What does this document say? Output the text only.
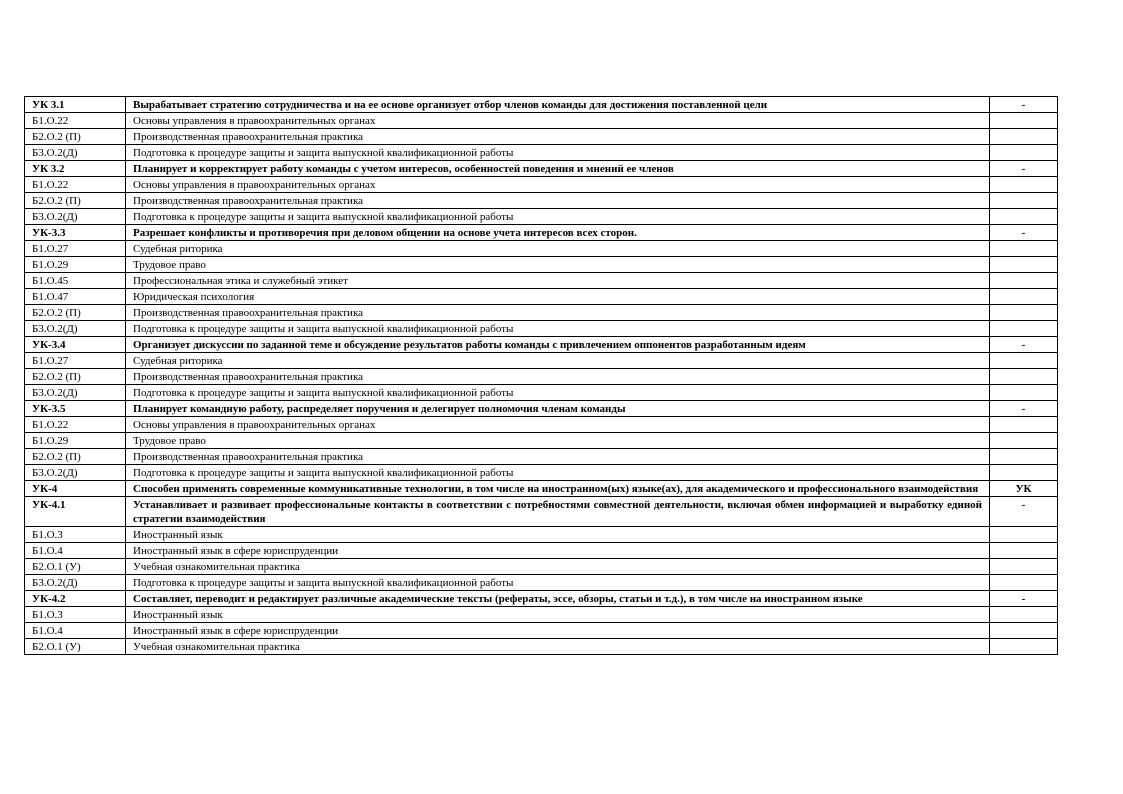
УК 3.1	Вырабатывает стратегию сотрудничества и на ее основе организует отбор членов команды для достижения поставленной цели	-
Б1.О.22	Основы управления в правоохранительных органах	
Б2.О.2 (П)	Производственная правоохранительная практика	
Б3.О.2(Д)	Подготовка к процедуре защиты и защита выпускной квалификационной работы	
УК 3.2	Планирует и корректирует работу команды с учетом интересов, особенностей поведения и мнений ее членов	-
Б1.О.22	Основы управления в правоохранительных органах	
Б2.О.2 (П)	Производственная правоохранительная практика	
Б3.О.2(Д)	Подготовка к процедуре защиты и защита выпускной квалификационной работы	
УК-3.3	Разрешает конфликты и противоречия при деловом общении на основе учета интересов всех сторон.	-
Б1.О.27	Судебная риторика	
Б1.О.29	Трудовое право	
Б1.О.45	Профессиональная этика и служебный этикет	
Б1.О.47	Юридическая психология	
Б2.О.2 (П)	Производственная правоохранительная практика	
Б3.О.2(Д)	Подготовка к процедуре защиты и защита выпускной квалификационной работы	
УК-3.4	Организует дискуссии по заданной теме и обсуждение результатов работы команды с привлечением оппонентов разработанным идеям	-
Б1.О.27	Судебная риторика	
Б2.О.2 (П)	Производственная правоохранительная практика	
Б3.О.2(Д)	Подготовка к процедуре защиты и защита выпускной квалификационной работы	
УК-3.5	Планирует командную работу, распределяет поручения и делегирует полномочия членам команды	-
Б1.О.22	Основы управления в правоохранительных органах	
Б1.О.29	Трудовое право	
Б2.О.2 (П)	Производственная правоохранительная практика	
Б3.О.2(Д)	Подготовка к процедуре защиты и защита выпускной квалификационной работы	
УК-4	Способен применять современные коммуникативные технологии, в том числе на иностранном(ых) языке(ах), для академического и профессионального взаимодействия	УК
УК-4.1	Устанавливает и развивает профессиональные контакты в соответствии с потребностями совместной деятельности, включая обмен информацией и выработку единой стратегии взаимодействия	-
Б1.О.3	Иностранный язык	
Б1.О.4	Иностранный язык в сфере юриспруденции	
Б2.О.1 (У)	Учебная ознакомительная практика	
Б3.О.2(Д)	Подготовка к процедуре защиты и защита выпускной квалификационной работы	
УК-4.2	Составляет, переводит и редактирует различные академические тексты (рефераты, эссе, обзоры, статьи и т.д.), в том числе на иностранном языке	-
Б1.О.3	Иностранный язык	
Б1.О.4	Иностранный язык в сфере юриспруденции	
Б2.О.1 (У)	Учебная ознакомительная практика	
